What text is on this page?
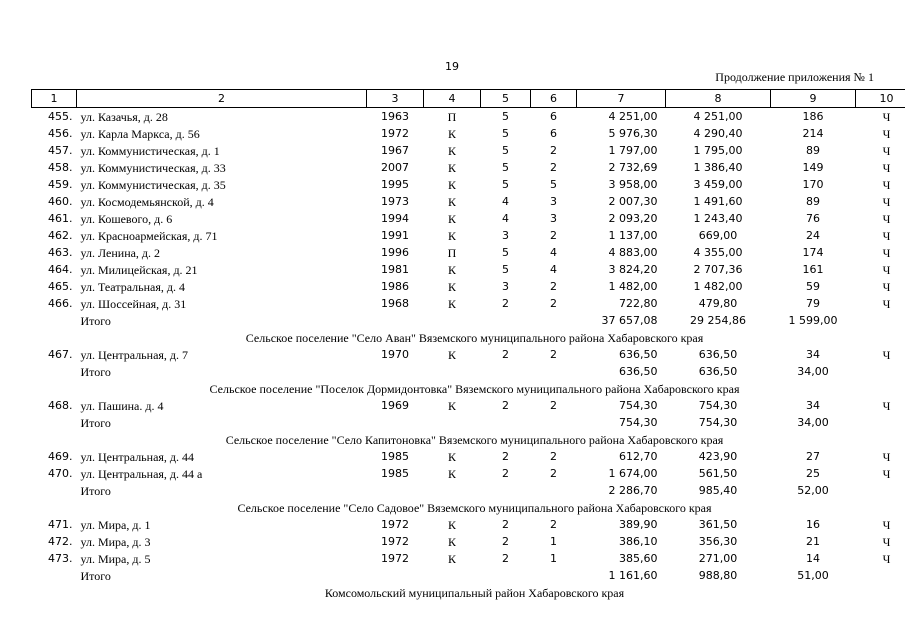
19
Продолжение приложения № 1
1	2	3	4	5	6	7	8	9	10
455.	ул. Казачья, д. 28	1963	П	5	6	4 251,00	4 251,00	186	Ч
456.	ул. Карла Маркса, д. 56	1972	К	5	6	5 976,30	4 290,40	214	Ч
457.	ул. Коммунистическая, д. 1	1967	К	5	2	1 797,00	1 795,00	89	Ч
458.	ул. Коммунистическая, д. 33	2007	К	5	2	2 732,69	1 386,40	149	Ч
459.	ул. Коммунистическая, д. 35	1995	К	5	5	3 958,00	3 459,00	170	Ч
460.	ул. Космодемьянской, д. 4	1973	К	4	3	2 007,30	1 491,60	89	Ч
461.	ул. Кошевого, д. 6	1994	К	4	3	2 093,20	1 243,40	76	Ч
462.	ул. Красноармейская, д. 71	1991	К	3	2	1 137,00	669,00	24	Ч
463.	ул. Ленина, д. 2	1996	П	5	4	4 883,00	4 355,00	174	Ч
464.	ул. Милицейская, д. 21	1981	К	5	4	3 824,20	2 707,36	161	Ч
465.	ул. Театральная, д. 4	1986	К	3	2	1 482,00	1 482,00	59	Ч
466.	ул. Шоссейная, д. 31	1968	К	2	2	722,80	479,80	79	Ч
	Итого					37 657,08	29 254,86	1 599,00	
Сельское поселение "Село Аван" Вяземского муниципального района Хабаровского края									
467.	ул. Центральная, д. 7	1970	К	2	2	636,50	636,50	34	Ч
	Итого					636,50	636,50	34,00	
Сельское поселение "Поселок Дормидонтовка" Вяземского муниципального района Хабаровского края									
468.	ул. Пашина. д. 4	1969	К	2	2	754,30	754,30	34	Ч
	Итого					754,30	754,30	34,00	
Сельское поселение "Село Капитоновка" Вяземского муниципального района Хабаровского края									
469.	ул. Центральная, д. 44	1985	К	2	2	612,70	423,90	27	Ч
470.	ул. Центральная, д. 44 а	1985	К	2	2	1 674,00	561,50	25	Ч
	Итого					2 286,70	985,40	52,00	
Сельское поселение "Село Садовое" Вяземского муниципального района Хабаровского края									
471.	ул. Мира, д. 1	1972	К	2	2	389,90	361,50	16	Ч
472.	ул. Мира, д. 3	1972	К	2	1	386,10	356,30	21	Ч
473.	ул. Мира, д. 5	1972	К	2	1	385,60	271,00	14	Ч
	Итого					1 161,60	988,80	51,00	
Комсомольский муниципальный район Хабаровского края									
